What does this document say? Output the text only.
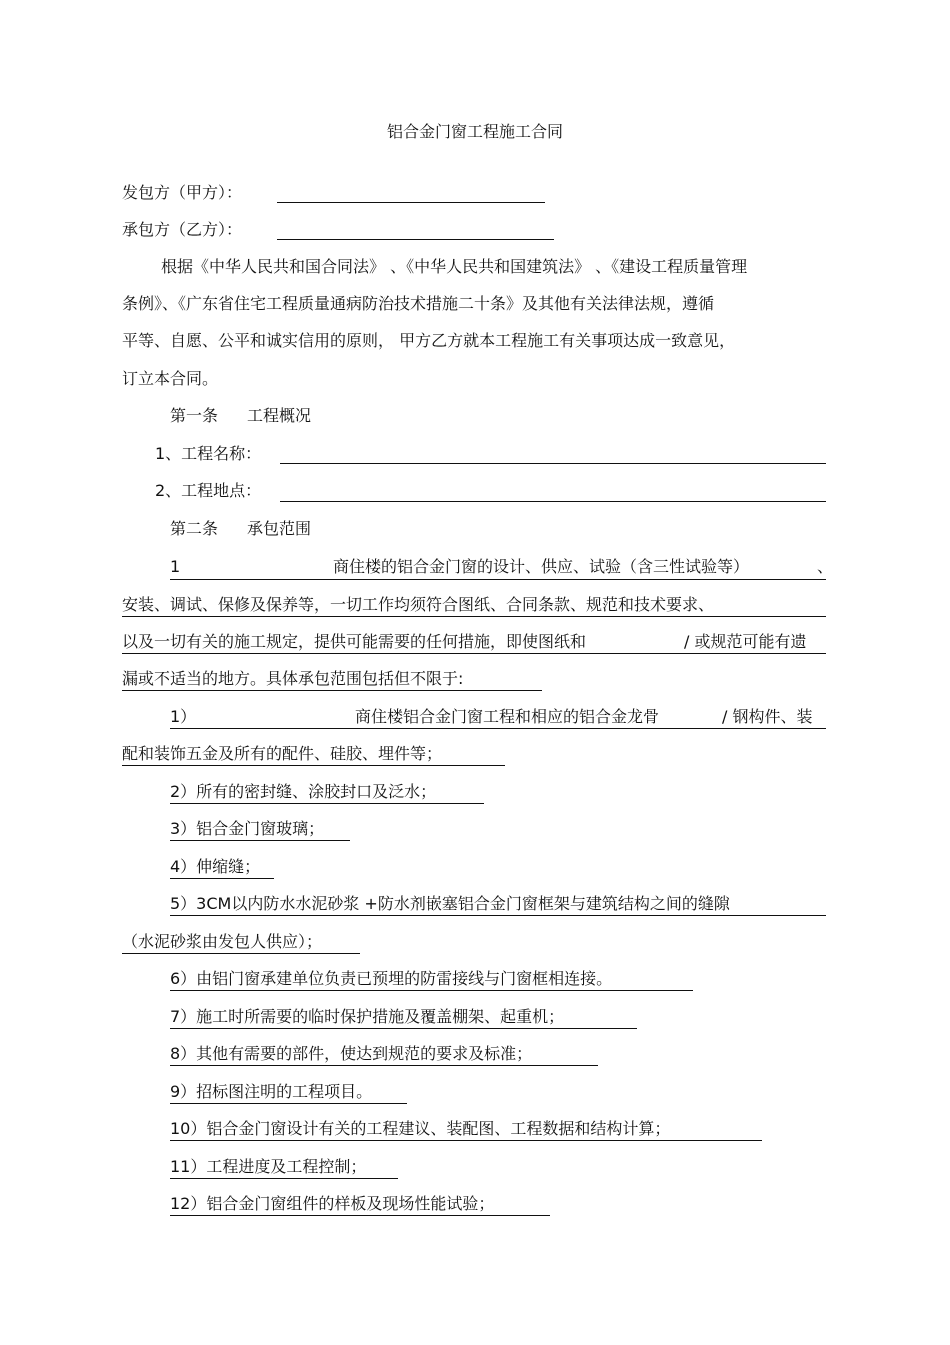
铝合金门窗工程施工合同
发包方（甲方）：
承包方（乙方）：
根据《中华人民共和国合同法》 、《中华人民共和国建筑法》 、《建设工程质量管理
条例》、《广东省住宅工程质量通病防治技术措施二十条》及其他有关法律法规，遵循
平等、自愿、公平和诚实信用的原则， 甲方乙方就本工程施工有关事项达成一致意见，
订立本合同。
第一条 工程概况
1、工程名称：
2、工程地点：
第二条 承包范围
1	商住楼的铝合金门窗的设计、供应、试验（含三性试验等）	、
安装、调试、保修及保养等，一切工作均须符合图纸、合同条款、规范和技术要求、
以及一切有关的施工规定，提供可能需要的任何措施，即使图纸和	/ 或规范可能有遗
漏或不适当的地方。具体承包范围包括但不限于:
1）	商住楼铝合金门窗工程和相应的铝合金龙骨	/ 钢构件、装
配和装饰五金及所有的配件、硅胶、埋件等；
2）所有的密封缝、涂胶封口及泛水；
3）铝合金门窗玻璃；
4）伸缩缝；
5）3CM以内防水水泥砂浆 +防水剂嵌塞铝合金门窗框架与建筑结构之间的缝隙
（水泥砂浆由发包人供应）；
6）由铝门窗承建单位负责已预埋的防雷接线与门窗框相连接。
7）施工时所需要的临时保护措施及覆盖棚架、起重机；
8）其他有需要的部件，使达到规范的要求及标准；
9）招标图注明的工程项目。
10）铝合金门窗设计有关的工程建议、装配图、工程数据和结构计算；
11）工程进度及工程控制；
12）铝合金门窗组件的样板及现场性能试验；
